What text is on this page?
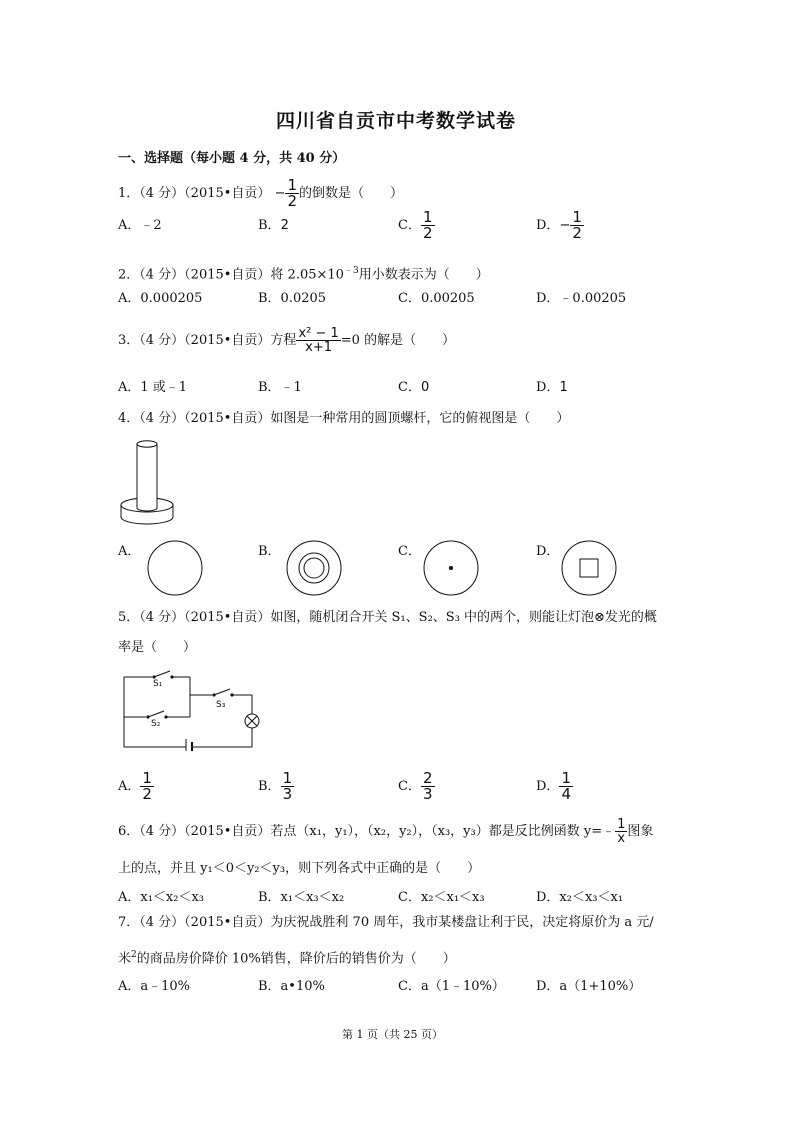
四川省自贡市中考数学试卷
一、选择题（每小题 4 分，共 40 分）
1．（4 分）（2015•自贡） − $\frac{1}{2}$ 的倒数是（　　）
A．﹣2	B．2	C． $\frac{1}{2}$	D．− $\frac{1}{2}$
2．（4 分）（2015•自贡）将 $2.05\times 10^{﹣3}$用小数表示为（　　）
A．0.000205	B．0.0205	C．0.00205	D．﹣0.00205
3．（4 分）（2015•自贡）方程 $\frac{\text{x² − 1}}{x+1} =0$ 的解是（　　）
A．1 或﹣1	B．﹣1	C．0	D．1
4．（4 分）（2015•自贡）如图是一种常用的圆顶螺杆，它的俯视图是（　　）
A．	B．	C．	D．
5．（4 分）（2015•自贡）如图，随机闭合开关 S₁、S₂、S₃ 中的两个，则能让灯泡⊗发光的概
率是（　　）
S₁
S₂
S₃
A． $\frac{1}{2}$	B． $\frac{1}{3}$	C． $\frac{2}{3}$	D． $\frac{1}{4}$
6．（4 分）（2015•自贡）若点（x₁，y₁），（x₂，y₂），（x₃，y₃）都是反比例函数 y=﹣ $\frac{1}{x}$ 图象
上的点，并且 y₁＜0＜y₂＜y₃，则下列各式中正确的是（　　）
A．x₁＜x₂＜x₃	B．x₁＜x₃＜x₂	C．x₂＜x₁＜x₃	D．x₂＜x₃＜x₁
7．（4 分）（2015•自贡）为庆祝战胜利 70 周年，我市某楼盘让利于民，决定将原价为 a 元/
米$^2$的商品房价降价 10%销售，降价后的销售价为（　　）
A．a﹣10%	B．a•10%	C．a（1﹣10%） D．a（1+10%）
第 1 页（共 25 页）
